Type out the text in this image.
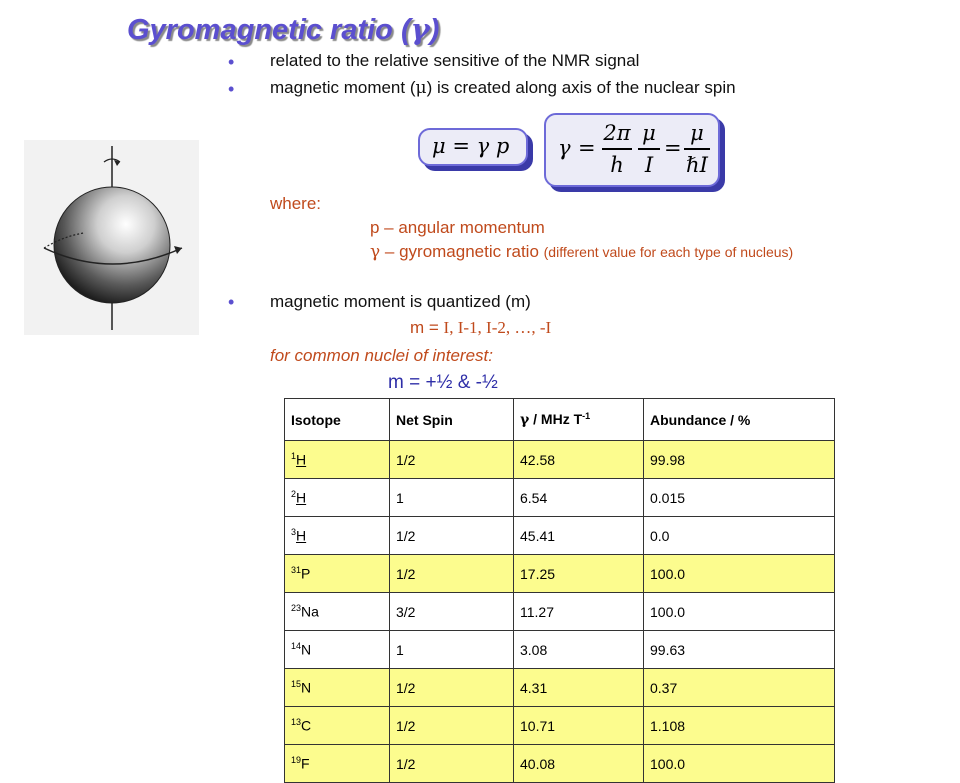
Gyromagnetic ratio (γ)
• related to the relative sensitive of the NMR signal
• magnetic moment (μ) is created along axis of the nuclear spin
μ = γ p γ =
2π
h
μ
I
=
μ
ℏI
where:
p – angular momentum
γ – gyromagnetic ratio (different value for each type of nucleus)
• magnetic moment is quantized (m)
m = I, I-1, I-2, …, -I
for common nuclei of interest:
m = +½ & -½
Isotope	Net Spin	γ / MHz $T^{-1}$	Abundance / %
$^1$H	1/2	42.58	99.98
$^2$H	1	6.54	0.015
$^3$H	1/2	45.41	0.0
$^{31}$P	1/2	17.25	100.0
$^{23}$Na	3/2	11.27	100.0
$^{14}$N	1	3.08	99.63
$^{15}$N	1/2	4.31	0.37
$^{13}$C	1/2	10.71	1.108
$^{19}$F	1/2	40.08	100.0
